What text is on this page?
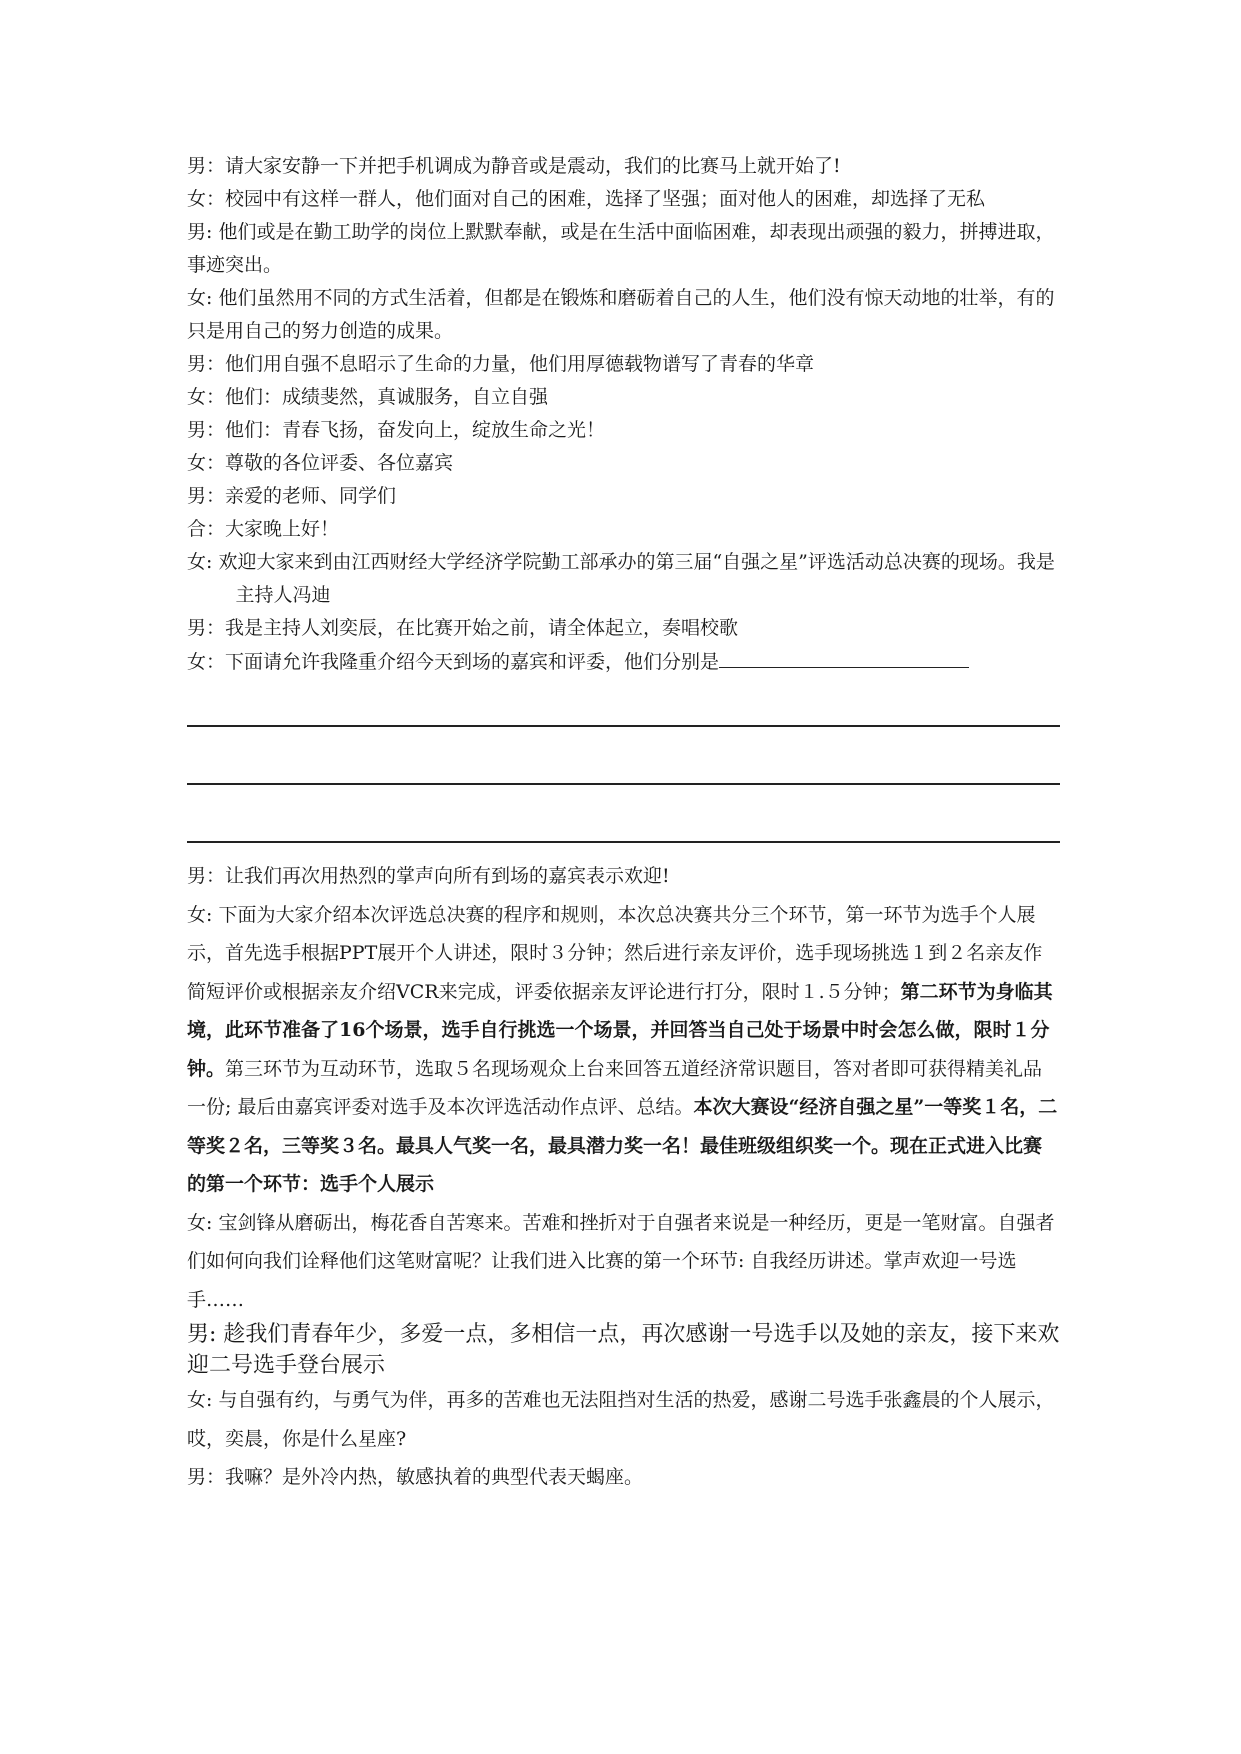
男：请大家安静一下并把手机调成为静音或是震动，我们的比赛马上就开始了!

女：校园中有这样一群人，他们面对自己的困难，选择了坚强；面对他人的困难，却选择了无私

男: 他们或是在勤工助学的岗位上默默奉献，或是在生活中面临困难，却表现出顽强的毅力，拼搏进取，事迹突出。

女: 他们虽然用不同的方式生活着，但都是在锻炼和磨砺着自己的人生，他们没有惊天动地的壮举，有的只是用自己的努力创造的成果。

男：他们用自强不息昭示了生命的力量，他们用厚德载物谱写了青春的华章

女：他们：成绩斐然，真诚服务，自立自强

男：他们：青春飞扬，奋发向上，绽放生命之光！

女：尊敬的各位评委、各位嘉宾

男：亲爱的老师、同学们

合：大家晚上好！

女: 欢迎大家来到由江西财经大学经济学院勤工部承办的第三届“自强之星”评选活动总决赛的现场。我是主持人冯迪

男：我是主持人刘奕辰，在比赛开始之前，请全体起立，奏唱校歌

女：下面请允许我隆重介绍今天到场的嘉宾和评委，他们分别是

男：让我们再次用热烈的掌声向所有到场的嘉宾表示欢迎!

女: 下面为大家介绍本次评选总决赛的程序和规则，本次总决赛共分三个环节，第一环节为选手个人展示，首先选手根据PPT展开个人讲述，限时３分钟；然后进行亲友评价，选手现场挑选１到２名亲友作简短评价或根据亲友介绍VCR来完成，评委依据亲友评论进行打分，限时１.５分钟；第二环节为身临其境，此环节准备了16个场景，选手自行挑选一个场景，并回答当自己处于场景中时会怎么做，限时１分钟。第三环节为互动环节，选取５名现场观众上台来回答五道经济常识题目，答对者即可获得精美礼品一份; 最后由嘉宾评委对选手及本次评选活动作点评、总结。本次大赛设“经济自强之星”一等奖１名，二等奖２名，三等奖３名。最具人气奖一名，最具潜力奖一名！最佳班级组织奖一个。现在正式进入比赛的第一个环节：选手个人展示

女: 宝剑锋从磨砺出，梅花香自苦寒来。苦难和挫折对于自强者来说是一种经历，更是一笔财富。自强者们如何向我们诠释他们这笔财富呢？让我们进入比赛的第一个环节: 自我经历讲述。掌声欢迎一号选手……

男: 趁我们青春年少，多爱一点，多相信一点，再次感谢一号选手以及她的亲友，接下来欢迎二号选手登台展示

女: 与自强有约，与勇气为伴，再多的苦难也无法阻挡对生活的热爱，感谢二号选手张鑫晨的个人展示，哎，奕晨，你是什么星座?

男：我嘛？是外冷内热，敏感执着的典型代表天蝎座。
